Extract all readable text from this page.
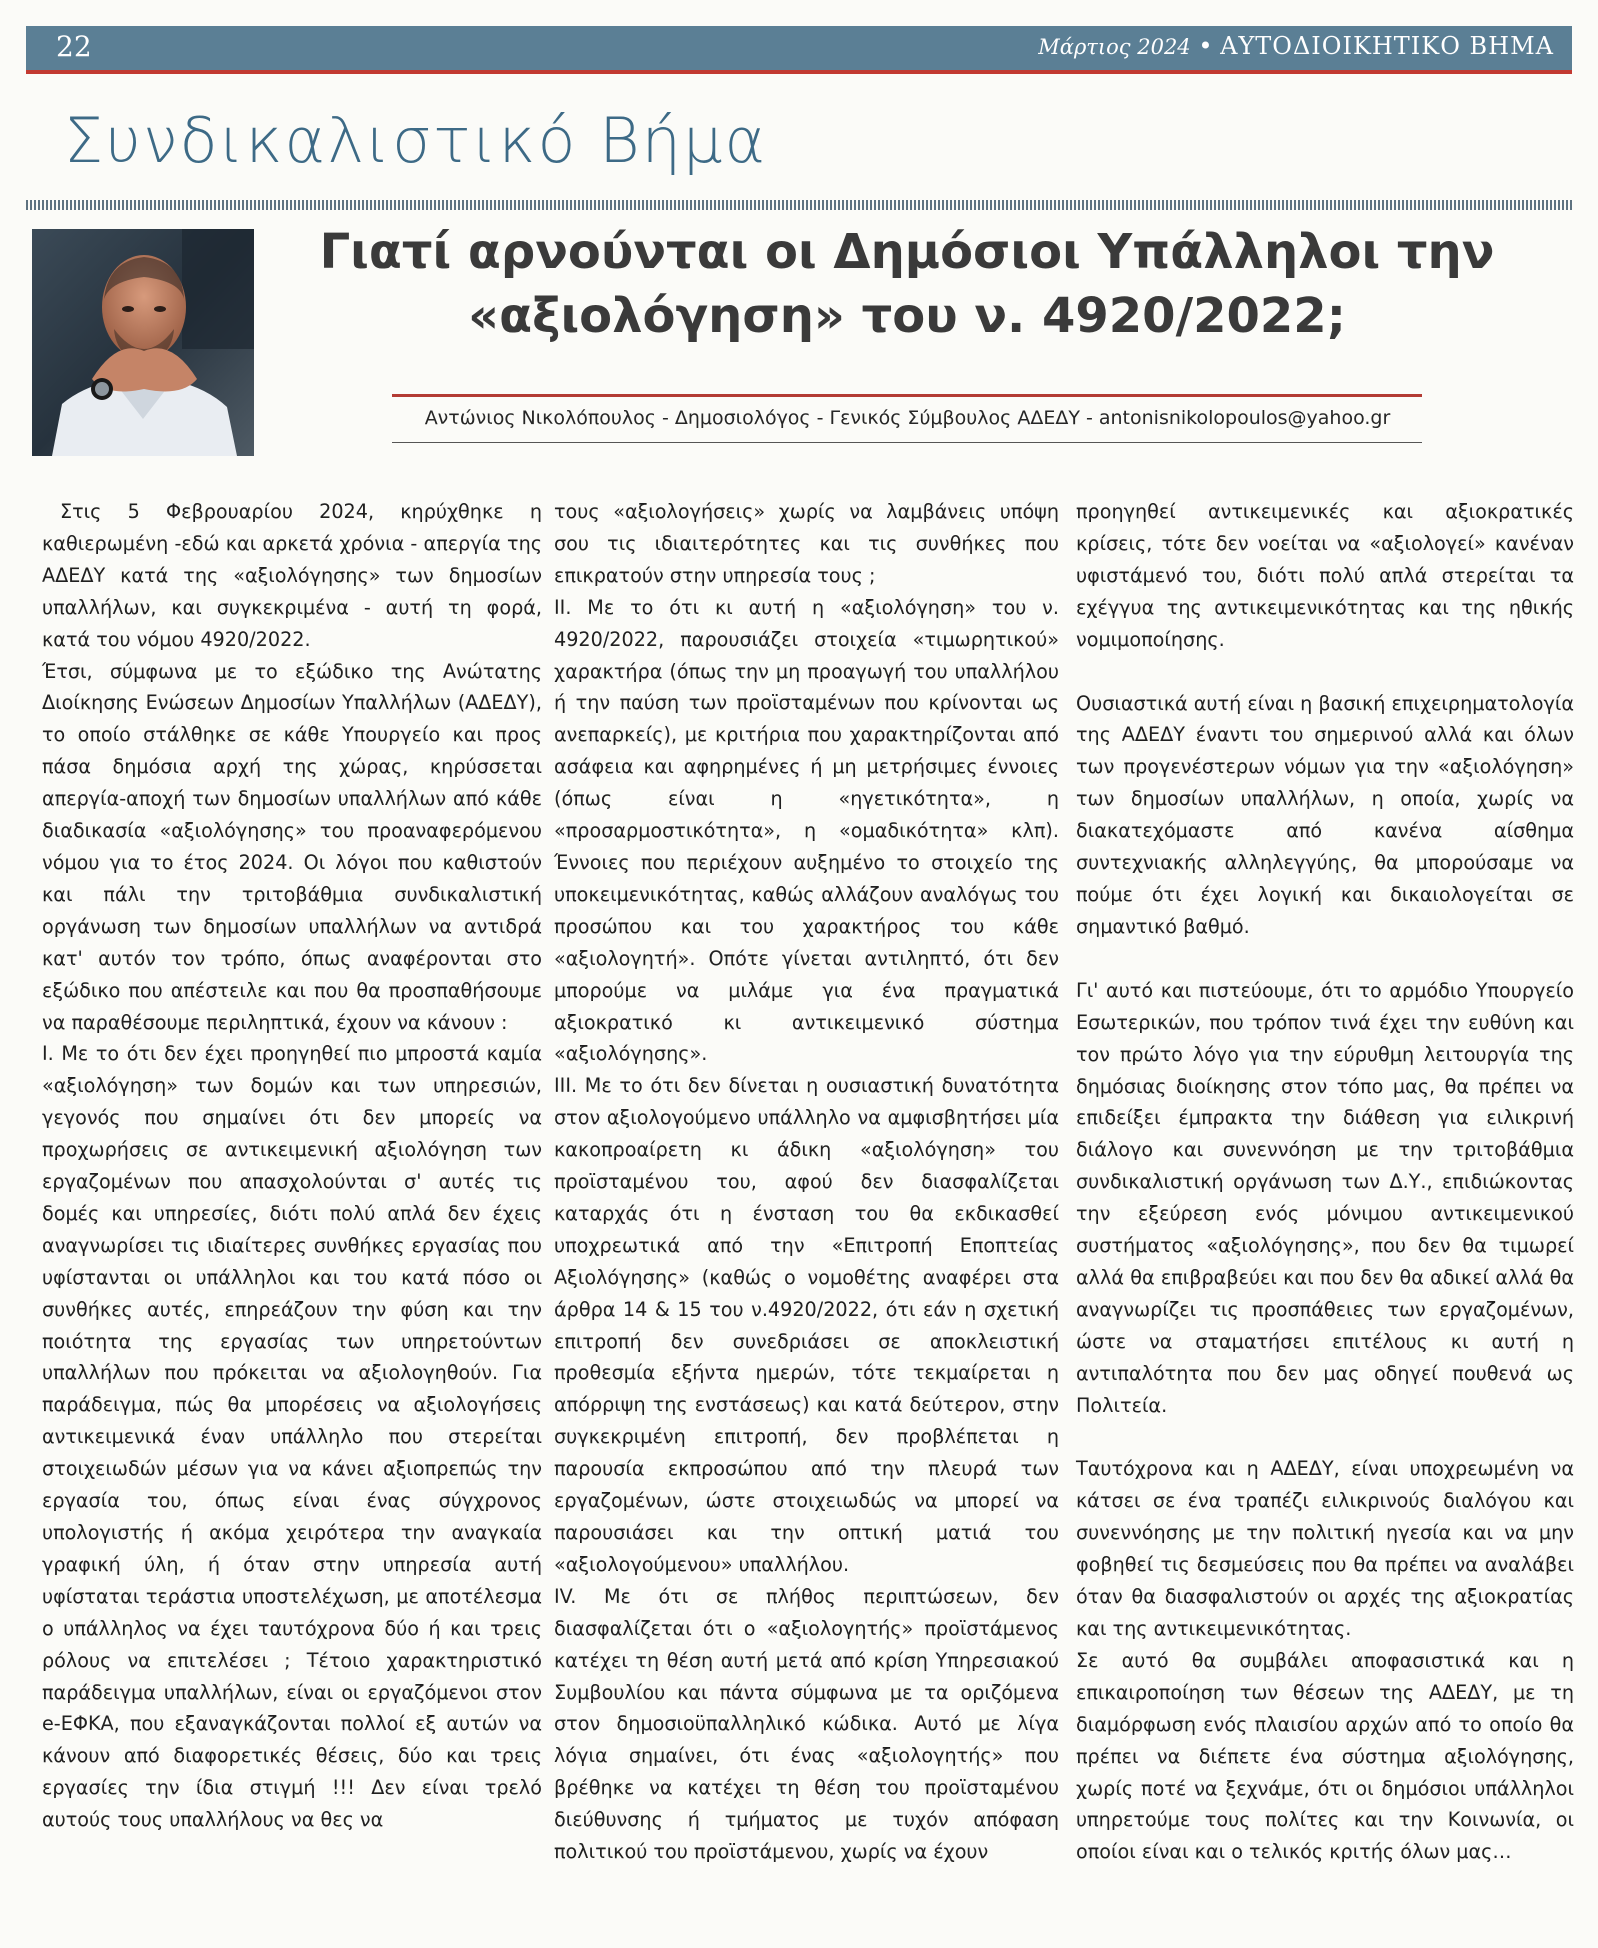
22	Μάρτιος 2024 • ΑΥΤΟΔΙΟΙΚΗΤΙΚΟ ΒΗΜΑ
Συνδικαλιστικό Βήμα
Γιατί αρνούνται οι Δημόσιοι Υπάλληλοι την
«αξιολόγηση» του ν. 4920/2022;
Αντώνιος Νικολόπουλος - Δημοσιολόγος - Γενικός Σύμβουλος ΑΔΕΔΥ - antonisnikolopoulos@yahoo.gr

Στις 5 Φεβρουαρίου 2024, κηρύχθηκε η καθιερωμένη -εδώ και αρκετά χρόνια - απεργία της ΑΔΕΔΥ κατά της «αξιολόγησης» των δημοσίων υπαλλήλων, και συγκεκριμένα - αυτή τη φορά, κατά του νόμου 4920/2022.

Έτσι, σύμφωνα με το εξώδικο της Ανώτατης Διοίκησης Ενώσεων Δημοσίων Υπαλλήλων (ΑΔΕΔΥ), το οποίο στάλθηκε σε κάθε Υπουργείο και προς πάσα δημόσια αρχή της χώρας, κηρύσσεται απεργία-αποχή των δημοσίων υπαλλήλων από κάθε διαδικασία «αξιολόγησης» του προαναφερόμενου νόμου για το έτος 2024. Οι λόγοι που καθιστούν και πάλι την τριτοβάθμια συνδικαλιστική οργάνωση των δημοσίων υπαλλήλων να αντιδρά κατ' αυτόν τον τρόπο, όπως αναφέρονται στο εξώδικο που απέστειλε και που θα προσπαθήσουμε να παραθέσουμε περιληπτικά, έχουν να κάνουν :

Ι. Με το ότι δεν έχει προηγηθεί πιο μπροστά καμία «αξιολόγηση» των δομών και των υπηρεσιών, γεγονός που σημαίνει ότι δεν μπορείς να προχωρήσεις σε αντικειμενική αξιολόγηση των εργαζομένων που απασχολούνται σ' αυτές τις δομές και υπηρεσίες, διότι πολύ απλά δεν έχεις αναγνωρίσει τις ιδιαίτερες συνθήκες εργασίας που υφίστανται οι υπάλληλοι και του κατά πόσο οι συνθήκες αυτές, επηρεάζουν την φύση και την ποιότητα της εργασίας των υπηρετούντων υπαλλήλων που πρόκειται να αξιολογηθούν. Για παράδειγμα, πώς θα μπορέσεις να αξιολογήσεις αντικειμενικά έναν υπάλληλο που στερείται στοιχειωδών μέσων για να κάνει αξιοπρεπώς την εργασία του, όπως είναι ένας σύγχρονος υπολογιστής ή ακόμα χειρότερα την αναγκαία γραφική ύλη, ή όταν στην υπηρεσία αυτή υφίσταται τεράστια υποστελέχωση, με αποτέλεσμα ο υπάλληλος να έχει ταυτόχρονα δύο ή και τρεις ρόλους να επιτελέσει ; Τέτοιο χαρακτηριστικό παράδειγμα υπαλλήλων, είναι οι εργαζόμενοι στον e-ΕΦΚΑ, που εξαναγκάζονται πολλοί εξ αυτών να κάνουν από διαφορετικές θέσεις, δύο και τρεις εργασίες την ίδια στιγμή !!! Δεν είναι τρελό αυτούς τους υπαλλήλους να θες να

τους «αξιολογήσεις» χωρίς να λαμβάνεις υπόψη σου τις ιδιαιτερότητες και τις συνθήκες που επικρατούν στην υπηρεσία τους ;

ΙΙ. Με το ότι κι αυτή η «αξιολόγηση» του ν. 4920/2022, παρουσιάζει στοιχεία «τιμωρητικού» χαρακτήρα (όπως την μη προαγωγή του υπαλλήλου ή την παύση των προϊσταμένων που κρίνονται ως ανεπαρκείς), με κριτήρια που χαρακτηρίζονται από ασάφεια και αφηρημένες ή μη μετρήσιμες έννοιες (όπως είναι η «ηγετικότητα», η «προσαρμοστικότητα», η «ομαδικότητα» κλπ). Έννοιες που περιέχουν αυξημένο το στοιχείο της υποκειμενικότητας, καθώς αλλάζουν αναλόγως του προσώπου και του χαρακτήρος του κάθε «αξιολογητή». Οπότε γίνεται αντιληπτό, ότι δεν μπορούμε να μιλάμε για ένα πραγματικά αξιοκρατικό κι αντικειμενικό σύστημα «αξιολόγησης».

ΙΙΙ. Με το ότι δεν δίνεται η ουσιαστική δυνατότητα στον αξιολογούμενο υπάλληλο να αμφισβητήσει μία κακοπροαίρετη κι άδικη «αξιολόγηση» του προϊσταμένου του, αφού δεν διασφαλίζεται καταρχάς ότι η ένσταση του θα εκδικασθεί υποχρεωτικά από την «Επιτροπή Εποπτείας Αξιολόγησης» (καθώς ο νομοθέτης αναφέρει στα άρθρα 14 & 15 του ν.4920/2022, ότι εάν η σχετική επιτροπή δεν συνεδριάσει σε αποκλειστική προθεσμία εξήντα ημερών, τότε τεκμαίρεται η απόρριψη της ενστάσεως) και κατά δεύτερον, στην συγκεκριμένη επιτροπή, δεν προβλέπεται η παρουσία εκπροσώπου από την πλευρά των εργαζομένων, ώστε στοιχειωδώς να μπορεί να παρουσιάσει και την οπτική ματιά του «αξιολογούμενου» υπαλλήλου.

ΙV. Με ότι σε πλήθος περιπτώσεων, δεν διασφαλίζεται ότι ο «αξιολογητής» προϊστάμενος κατέχει τη θέση αυτή μετά από κρίση Υπηρεσιακού Συμβουλίου και πάντα σύμφωνα με τα οριζόμενα στον δημοσιοϋπαλληλικό κώδικα. Αυτό με λίγα λόγια σημαίνει, ότι ένας «αξιολογητής» που βρέθηκε να κατέχει τη θέση του προϊσταμένου διεύθυνσης ή τμήματος με τυχόν απόφαση πολιτικού του προϊστάμενου, χωρίς να έχουν

προηγηθεί αντικειμενικές και αξιοκρατικές κρίσεις, τότε δεν νοείται να «αξιολογεί» κανέναν υφιστάμενό του, διότι πολύ απλά στερείται τα εχέγγυα της αντικειμενικότητας και της ηθικής νομιμοποίησης.

Ουσιαστικά αυτή είναι η βασική επιχειρηματολογία της ΑΔΕΔΥ έναντι του σημερινού αλλά και όλων των προγενέστερων νόμων για την «αξιολόγηση» των δημοσίων υπαλλήλων, η οποία, χωρίς να διακατεχόμαστε από κανένα αίσθημα συντεχνιακής αλληλεγγύης, θα μπορούσαμε να πούμε ότι έχει λογική και δικαιολογείται σε σημαντικό βαθμό.

Γι' αυτό και πιστεύουμε, ότι το αρμόδιο Υπουργείο Εσωτερικών, που τρόπον τινά έχει την ευθύνη και τον πρώτο λόγο για την εύρυθμη λειτουργία της δημόσιας διοίκησης στον τόπο μας, θα πρέπει να επιδείξει έμπρακτα την διάθεση για ειλικρινή διάλογο και συνεννόηση με την τριτοβάθμια συνδικαλιστική οργάνωση των Δ.Υ., επιδιώκοντας την εξεύρεση ενός μόνιμου αντικειμενικού συστήματος «αξιολόγησης», που δεν θα τιμωρεί αλλά θα επιβραβεύει και που δεν θα αδικεί αλλά θα αναγνωρίζει τις προσπάθειες των εργαζομένων, ώστε να σταματήσει επιτέλους κι αυτή η αντιπαλότητα που δεν μας οδηγεί πουθενά ως Πολιτεία.

Ταυτόχρονα και η ΑΔΕΔΥ, είναι υποχρεωμένη να κάτσει σε ένα τραπέζι ειλικρινούς διαλόγου και συνεννόησης με την πολιτική ηγεσία και να μην φοβηθεί τις δεσμεύσεις που θα πρέπει να αναλάβει όταν θα διασφαλιστούν οι αρχές της αξιοκρατίας και της αντικειμενικότητας.

Σε αυτό θα συμβάλει αποφασιστικά και η επικαιροποίηση των θέσεων της ΑΔΕΔΥ, με τη διαμόρφωση ενός πλαισίου αρχών από το οποίο θα πρέπει να διέπετε ένα σύστημα αξιολόγησης, χωρίς ποτέ να ξεχνάμε, ότι οι δημόσιοι υπάλληλοι υπηρετούμε τους πολίτες και την Κοινωνία, οι οποίοι είναι και ο τελικός κριτής όλων μας…
